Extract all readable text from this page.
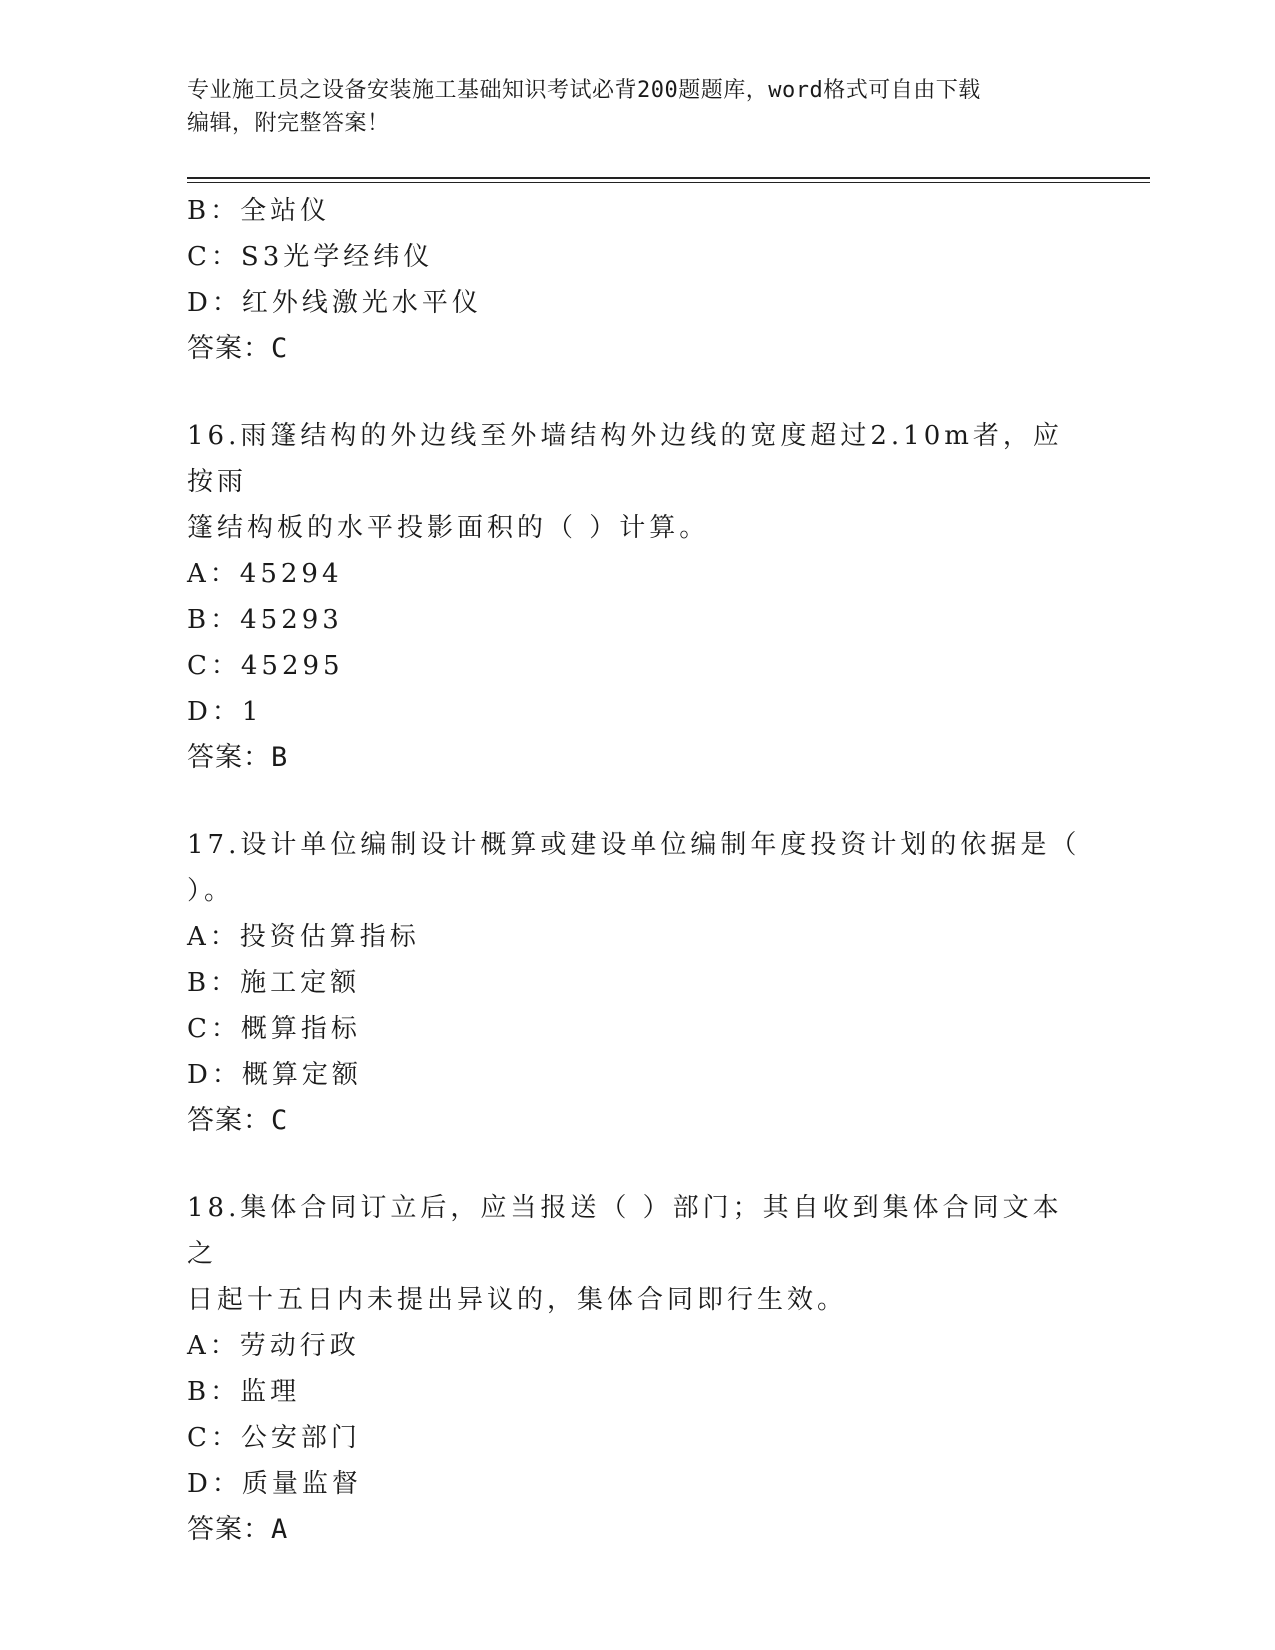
专业施工员之设备安装施工基础知识考试必背200题题库，word格式可自由下载
编辑，附完整答案！
B：全站仪
C：S3光学经纬仪
D：红外线激光水平仪
答案：C
16.雨篷结构的外边线至外墙结构外边线的宽度超过2.10m者，应按雨
篷结构板的水平投影面积的（ ）计算。
A：45294
B：45293
C：45295
D：1
答案：B
17.设计单位编制设计概算或建设单位编制年度投资计划的依据是（
）。
A：投资估算指标
B：施工定额
C：概算指标
D：概算定额
答案：C
18.集体合同订立后，应当报送（ ）部门；其自收到集体合同文本之
日起十五日内未提出异议的，集体合同即行生效。
A：劳动行政
B：监理
C：公安部门
D：质量监督
答案：A
